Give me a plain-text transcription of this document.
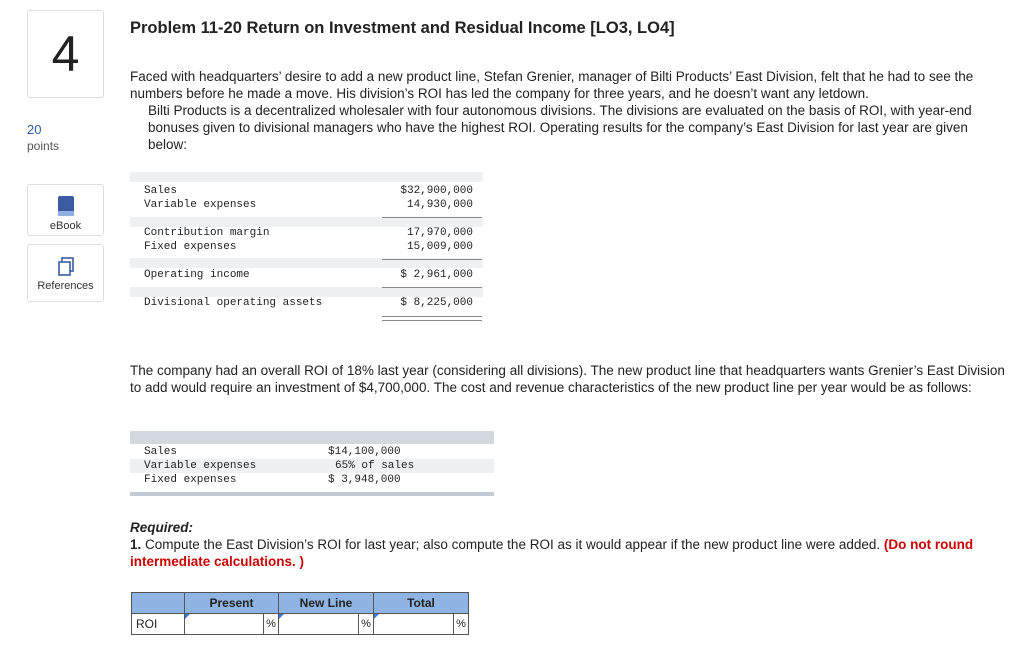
4
20
points
eBook
References
Problem 11-20 Return on Investment and Residual Income [LO3, LO4]
Faced with headquarters’ desire to add a new product line, Stefan Grenier, manager of Bilti Products’ East Division, felt that he had to see the numbers before he made a move. His division’s ROI has led the company for three years, and he doesn’t want any letdown.
Bilti Products is a decentralized wholesaler with four autonomous divisions. The divisions are evaluated on the basis of ROI, with year-end bonuses given to divisional managers who have the highest ROI. Operating results for the company’s East Division for last year are given below:
Sales	$32,900,000
Variable expenses	14,930,000
Contribution margin	17,970,000
Fixed expenses	15,009,000
Operating income	$ 2,961,000
Divisional operating assets	$ 8,225,000
The company had an overall ROI of 18% last year (considering all divisions). The new product line that headquarters wants Grenier’s East Division to add would require an investment of $4,700,000. The cost and revenue characteristics of the new product line per year would be as follows:
Sales	$14,100,000
Variable expenses	65% of sales
Fixed expenses	$ 3,948,000
Required:
1. Compute the East Division’s ROI for last year; also compute the ROI as it would appear if the new product line were added. (Do not round intermediate calculations. )
	Present		New Line		Total	
ROI		%		%		%
